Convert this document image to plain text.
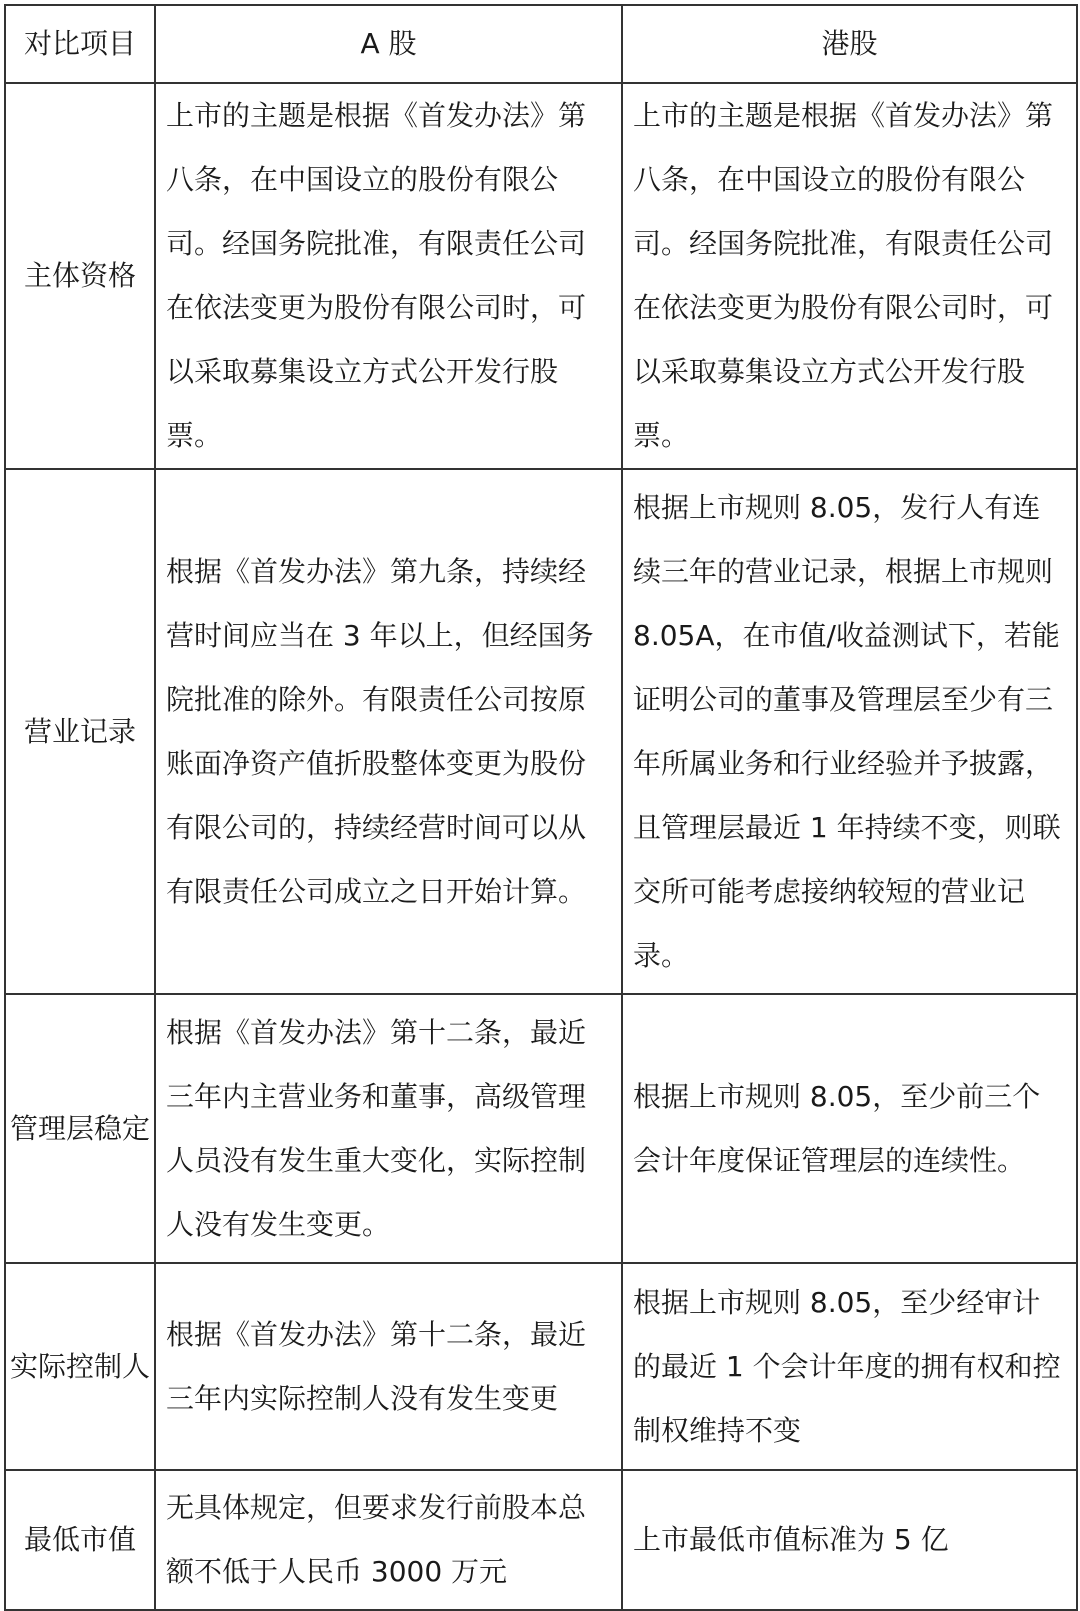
对比项目	A 股	港股
主体资格	上市的主题是根据《首发办法》第八条，在中国设立的股份有限公司。经国务院批准，有限责任公司在依法变更为股份有限公司时，可以采取募集设立方式公开发行股票。	上市的主题是根据《首发办法》第八条，在中国设立的股份有限公司。经国务院批准，有限责任公司在依法变更为股份有限公司时，可以采取募集设立方式公开发行股票。
营业记录	根据《首发办法》第九条，持续经营时间应当在 3 年以上，但经国务院批准的除外。有限责任公司按原账面净资产值折股整体变更为股份有限公司的，持续经营时间可以从有限责任公司成立之日开始计算。	根据上市规则 8.05，发行人有连续三年的营业记录，根据上市规则 8.05A，在市值/收益测试下，若能证明公司的董事及管理层至少有三年所属业务和行业经验并予披露，且管理层最近 1 年持续不变，则联交所可能考虑接纳较短的营业记录。
管理层稳定	根据《首发办法》第十二条，最近三年内主营业务和董事，高级管理人员没有发生重大变化，实际控制人没有发生变更。	根据上市规则 8.05，至少前三个会计年度保证管理层的连续性。
实际控制人	根据《首发办法》第十二条，最近三年内实际控制人没有发生变更	根据上市规则 8.05，至少经审计的最近 1 个会计年度的拥有权和控制权维持不变
最低市值	无具体规定，但要求发行前股本总额不低于人民币 3000 万元	上市最低市值标准为 5 亿
